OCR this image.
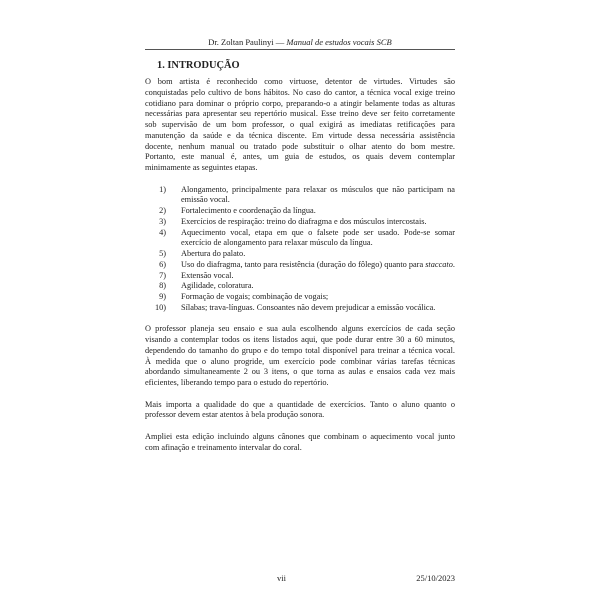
Dr. Zoltan Paulinyi — Manual de estudos vocais SCB
1. INTRODUÇÃO
O bom artista é reconhecido como virtuose, detentor de virtudes. Virtudes são
conquistadas pelo cultivo de bons hábitos. No caso do cantor, a técnica vocal exige treino
cotidiano para dominar o próprio corpo, preparando-o a atingir belamente todas as alturas
necessárias para apresentar seu repertório musical. Esse treino deve ser feito corretamente
sob supervisão de um bom professor, o qual exigirá as imediatas retificações para
manutenção da saúde e da técnica discente. Em virtude dessa necessária assistência
docente, nenhum manual ou tratado pode substituir o olhar atento do bom mestre.
Portanto, este manual é, antes, um guia de estudos, os quais devem contemplar
minimamente as seguintes etapas.
1) Alongamento, principalmente para relaxar os músculos que não participam na
emissão vocal.
2) Fortalecimento e coordenação da língua.
3) Exercícios de respiração: treino do diafragma e dos músculos intercostais.
4) Aquecimento vocal, etapa em que o falsete pode ser usado. Pode-se somar
exercício de alongamento para relaxar músculo da língua.
5) Abertura do palato.
6) Uso do diafragma, tanto para resistência (duração do fôlego) quanto para staccato.
7) Extensão vocal.
8) Agilidade, coloratura.
9) Formação de vogais; combinação de vogais;
10) Sílabas; trava-línguas. Consoantes não devem prejudicar a emissão vocálica.
O professor planeja seu ensaio e sua aula escolhendo alguns exercícios de cada seção
visando a contemplar todos os itens listados aqui, que pode durar entre 30 a 60 minutos,
dependendo do tamanho do grupo e do tempo total disponível para treinar a técnica vocal.
À medida que o aluno progride, um exercício pode combinar várias tarefas técnicas
abordando simultaneamente 2 ou 3 itens, o que torna as aulas e ensaios cada vez mais
eficientes, liberando tempo para o estudo do repertório.
Mais importa a qualidade do que a quantidade de exercícios. Tanto o aluno quanto o
professor devem estar atentos à bela produção sonora.
Ampliei esta edição incluindo alguns cânones que combinam o aquecimento vocal junto
com afinação e treinamento intervalar do coral.
vii	25/10/2023
